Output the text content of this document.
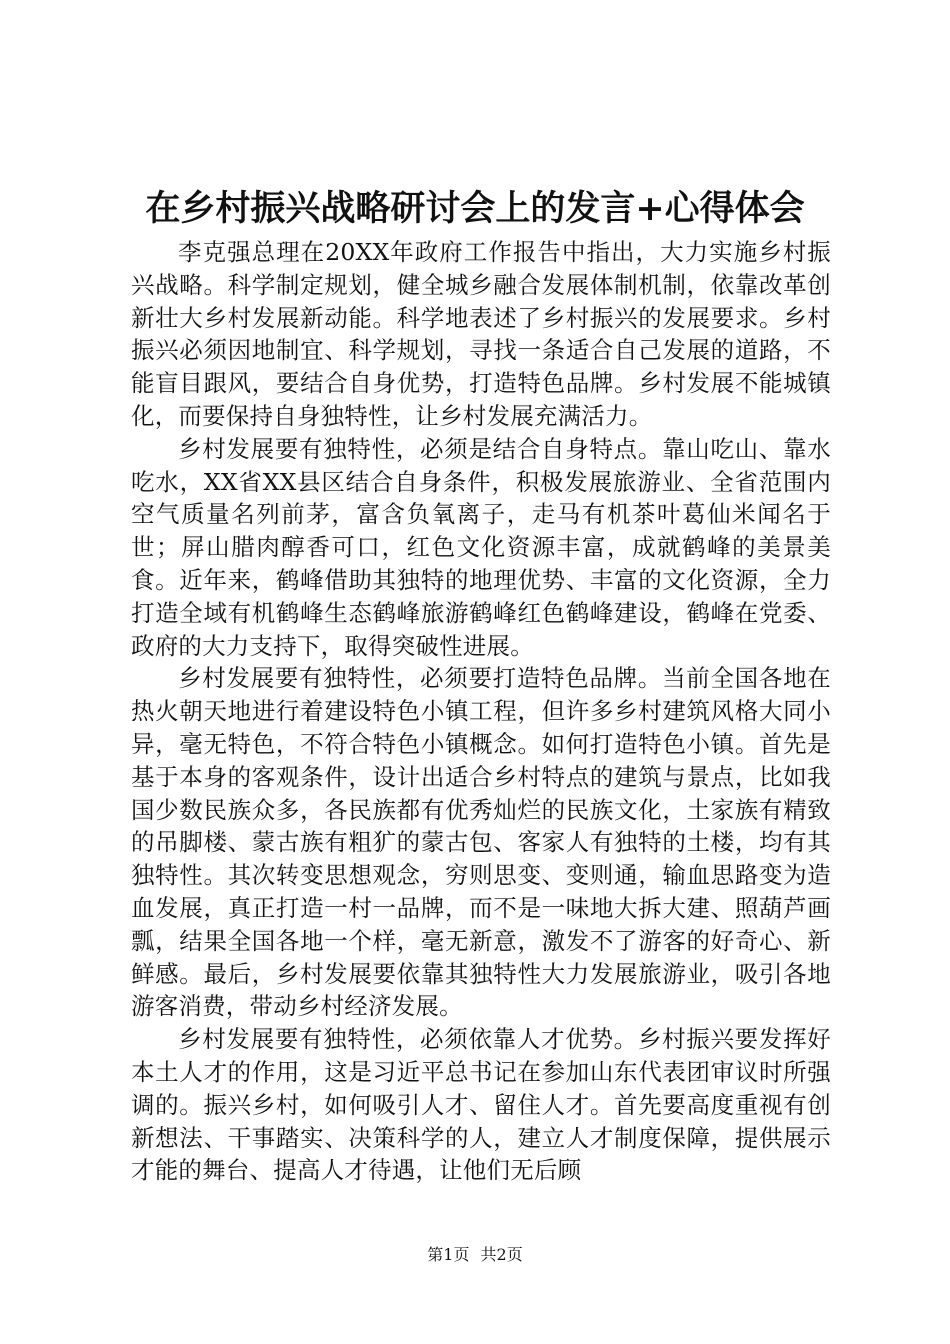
在乡村振兴战略研讨会上的发言+心得体会

李克强总理在20XX年政府工作报告中指出，大力实施乡村振兴战略。科学制定规划，健全城乡融合发展体制机制，依靠改革创新壮大乡村发展新动能。科学地表述了乡村振兴的发展要求。乡村振兴必须因地制宜、科学规划，寻找一条适合自己发展的道路，不能盲目跟风，要结合自身优势，打造特色品牌。乡村发展不能城镇化，而要保持自身独特性，让乡村发展充满活力。

乡村发展要有独特性，必须是结合自身特点。靠山吃山、靠水吃水，XX省XX县区结合自身条件，积极发展旅游业、全省范围内空气质量名列前茅，富含负氧离子，走马有机茶叶葛仙米闻名于世；屏山腊肉醇香可口，红色文化资源丰富，成就鹤峰的美景美食。近年来，鹤峰借助其独特的地理优势、丰富的文化资源，全力打造全域有机鹤峰生态鹤峰旅游鹤峰红色鹤峰建设，鹤峰在党委、政府的大力支持下，取得突破性进展。

乡村发展要有独特性，必须要打造特色品牌。当前全国各地在热火朝天地进行着建设特色小镇工程，但许多乡村建筑风格大同小异，毫无特色，不符合特色小镇概念。如何打造特色小镇。首先是基于本身的客观条件，设计出适合乡村特点的建筑与景点，比如我国少数民族众多，各民族都有优秀灿烂的民族文化，土家族有精致的吊脚楼、蒙古族有粗犷的蒙古包、客家人有独特的土楼，均有其独特性。其次转变思想观念，穷则思变、变则通，输血思路变为造血发展，真正打造一村一品牌，而不是一味地大拆大建、照葫芦画瓢，结果全国各地一个样，毫无新意，激发不了游客的好奇心、新鲜感。最后，乡村发展要依靠其独特性大力发展旅游业，吸引各地游客消费，带动乡村经济发展。

乡村发展要有独特性，必须依靠人才优势。乡村振兴要发挥好本土人才的作用，这是习近平总书记在参加山东代表团审议时所强调的。振兴乡村，如何吸引人才、留住人才。首先要高度重视有创新想法、干事踏实、决策科学的人，建立人才制度保障，提供展示才能的舞台、提高人才待遇，让他们无后顾

第1页 共2页
